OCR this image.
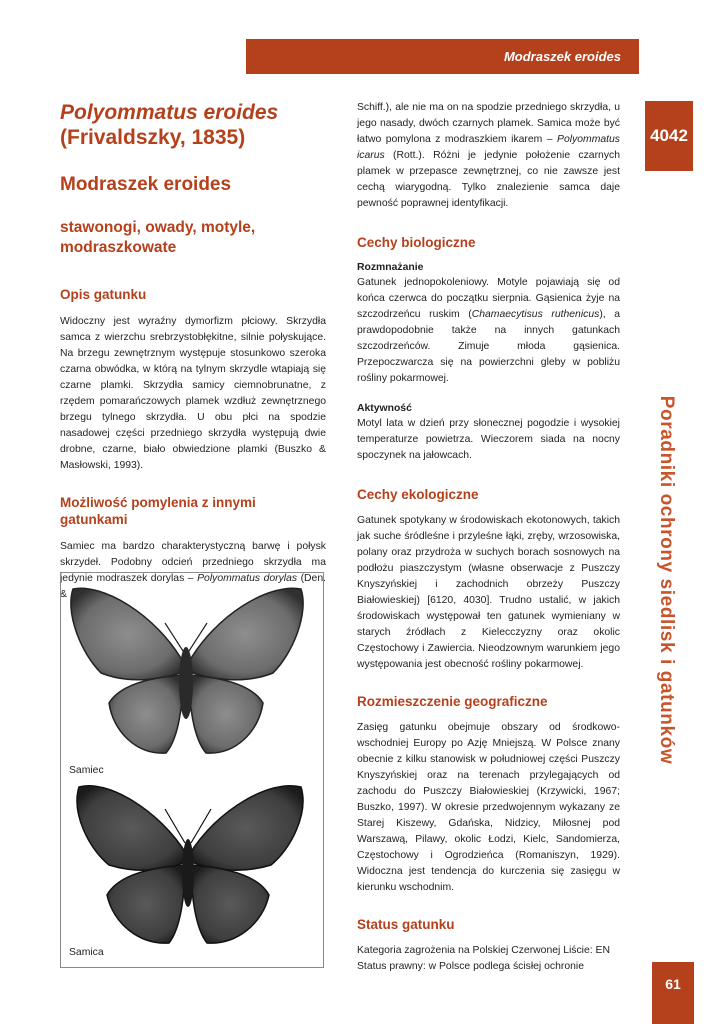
Modraszek eroides
4042
Poradniki ochrony siedlisk i gatunków
61
Polyommatus eroides
(Frivaldszky, 1835)
Modraszek eroides
stawonogi, owady, motyle,
modraszkowate
Opis gatunku

Widoczny jest wyraźny dymorfizm płciowy. Skrzydła samca z wierzchu srebrzystobłękitne, silnie połyskujące. Na brzegu zewnętrznym występuje stosunkowo szeroka czarna obwódka, w którą na tylnym skrzydle wtapiają się czarne plamki. Skrzydła samicy ciemnobrunatne, z rzędem pomarańczowych plamek wzdłuż zewnętrznego brzegu tylnego skrzydła. U obu płci na spodzie nasadowej części przedniego skrzydła występują dwie drobne, czarne, biało obwiedzione plamki (Buszko & Masłowski, 1993).

Możliwość pomylenia z innymi
gatunkami

Samiec ma bardzo charakterystyczną barwę i połysk skrzydeł. Podobny odcień przedniego skrzydła ma jedynie modraszek dorylas – Polyommatus dorylas (Den. &

Samiec
Samica

Schiff.), ale nie ma on na spodzie przedniego skrzydła, u jego nasady, dwóch czarnych plamek. Samica może być łatwo pomylona z modraszkiem ikarem – Polyommatus icarus (Rott.). Różni je jedynie położenie czarnych plamek w przepasce zewnętrznej, co nie zawsze jest cechą wiarygodną. Tylko znalezienie samca daje pewność poprawnej identyfikacji.

Cechy biologiczne
Rozmnażanie

Gatunek jednopokoleniowy. Motyle pojawiają się od końca czerwca do początku sierpnia. Gąsienica żyje na szczodrzeńcu ruskim (Chamaecytisus ruthenicus), a prawdopodobnie także na innych gatunkach szczodrzeńców. Zimuje młoda gąsienica. Przepoczwarcza się na powierzchni gleby w pobliżu rośliny pokarmowej.

Aktywność

Motyl lata w dzień przy słonecznej pogodzie i wysokiej temperaturze powietrza. Wieczorem siada na nocny spoczynek na jałowcach.

Cechy ekologiczne

Gatunek spotykany w środowiskach ekotonowych, takich jak suche śródleśne i przyleśne łąki, zręby, wrzosowiska, polany oraz przydroża w suchych borach sosnowych na podłożu piaszczystym (własne obserwacje z Puszczy Knyszyńskiej i zachodnich obrzeży Puszczy Białowieskiej) [6120, 4030]. Trudno ustalić, w jakich środowiskach występował ten gatunek wymieniany w starych źródłach z Kielecczyzny oraz okolic Częstochowy i Zawiercia. Nieodzownym warunkiem jego występowania jest obecność rośliny pokarmowej.

Rozmieszczenie geograficzne

Zasięg gatunku obejmuje obszary od środkowo-wschodniej Europy po Azję Mniejszą. W Polsce znany obecnie z kilku stanowisk w południowej części Puszczy Knyszyńskiej oraz na terenach przylegających od zachodu do Puszczy Białowieskiej (Krzywicki, 1967; Buszko, 1997). W okresie przedwojennym wykazany ze Starej Kiszewy, Gdańska, Nidzicy, Miłosnej pod Warszawą, Pilawy, okolic Łodzi, Kielc, Sandomierza, Częstochowy i Ogrodzieńca (Romaniszyn, 1929). Widoczna jest tendencja do kurczenia się zasięgu w kierunku wschodnim.

Status gatunku

Kategoria zagrożenia na Polskiej Czerwonej Liście: EN

Status prawny: w Polsce podlega ścisłej ochronie
